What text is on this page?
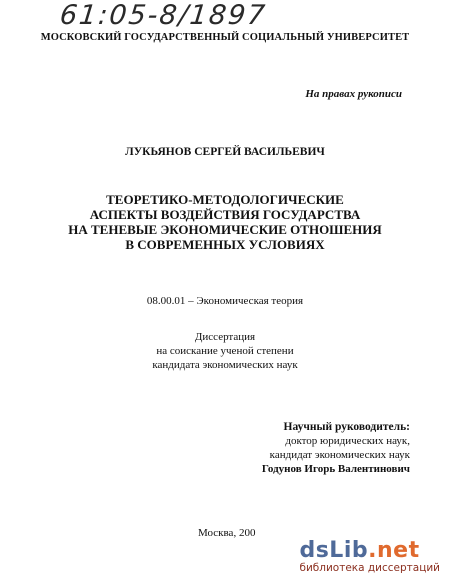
61:05-8/1897
МОСКОВСКИЙ ГОСУДАРСТВЕННЫЙ СОЦИАЛЬНЫЙ УНИВЕРСИТЕТ
На правах рукописи
ЛУКЬЯНОВ СЕРГЕЙ ВАСИЛЬЕВИЧ
ТЕОРЕТИКО-МЕТОДОЛОГИЧЕСКИЕ
АСПЕКТЫ ВОЗДЕЙСТВИЯ ГОСУДАРСТВА
НА ТЕНЕВЫЕ ЭКОНОМИЧЕСКИЕ ОТНОШЕНИЯ
В СОВРЕМЕННЫХ УСЛОВИЯХ
08.00.01 – Экономическая теория
Диссертация
на соискание ученой степени
кандидата экономических наук
Научный руководитель:
доктор юридических наук,
кандидат экономических наук
Годунов Игорь Валентинович
Москва, 200
dsLib.net
библиотека диссертаций
